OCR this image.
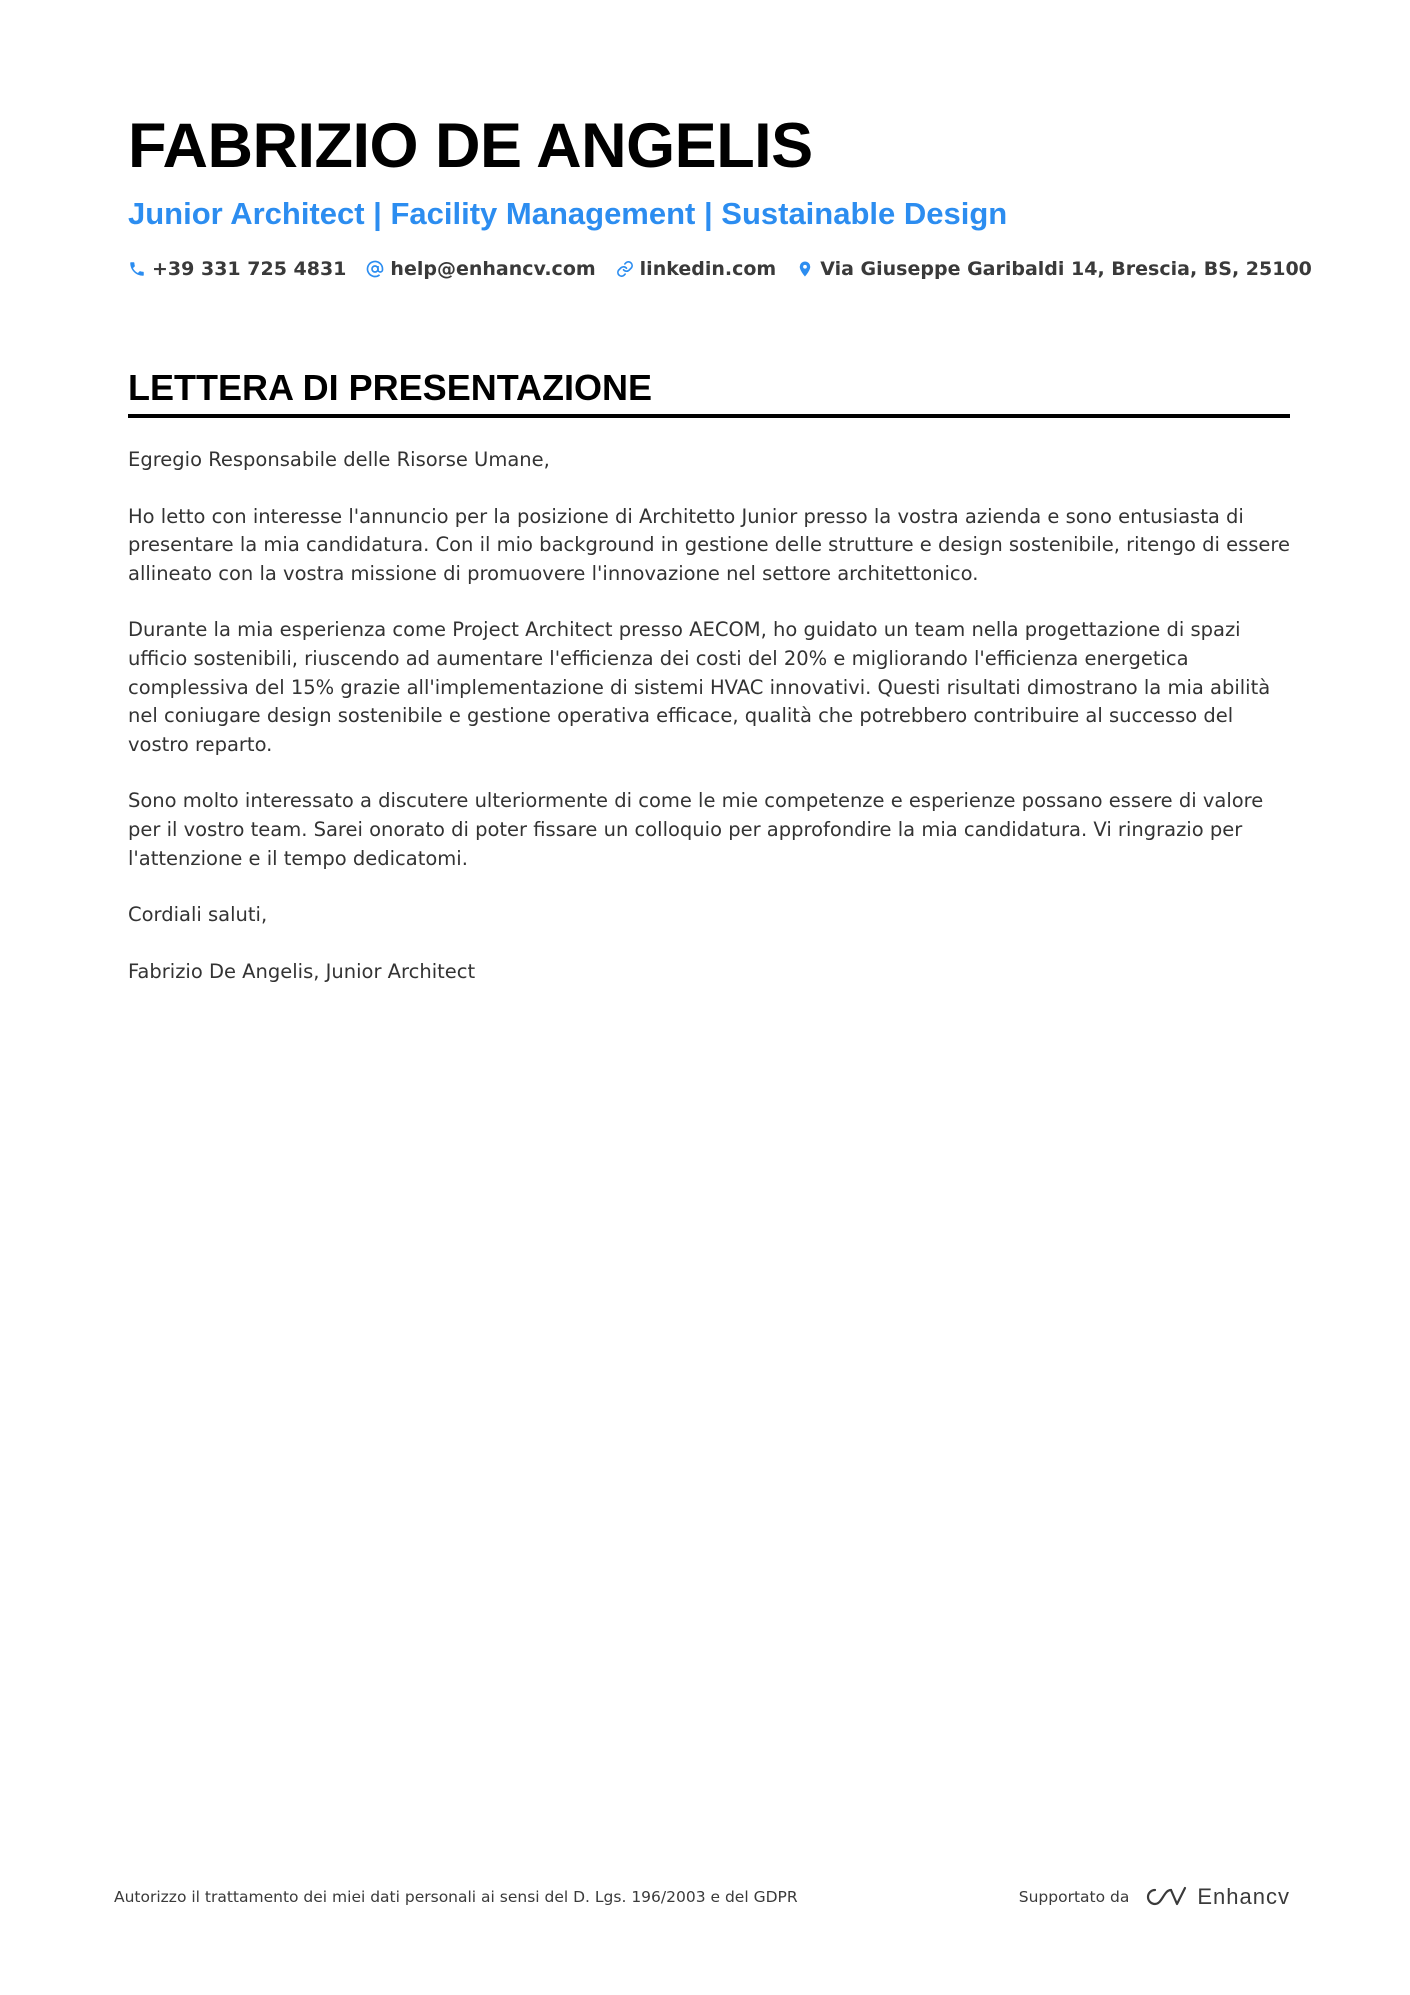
FABRIZIO DE ANGELIS
Junior Architect | Facility Management | Sustainable Design
+39 331 725 4831 help@enhancv.com linkedin.com Via Giuseppe Garibaldi 14, Brescia, BS, 25100
LETTERA DI PRESENTAZIONE

Egregio Responsabile delle Risorse Umane,

Ho letto con interesse l'annuncio per la posizione di Architetto Junior presso la vostra azienda e sono entusiasta di presentare la mia candidatura. Con il mio background in gestione delle strutture e design sostenibile, ritengo di essere allineato con la vostra missione di promuovere l'innovazione nel settore architettonico.

Durante la mia esperienza come Project Architect presso AECOM, ho guidato un team nella progettazione di spazi ufficio sostenibili, riuscendo ad aumentare l'efficienza dei costi del 20% e migliorando l'efficienza energetica complessiva del 15% grazie all'implementazione di sistemi HVAC innovativi. Questi risultati dimostrano la mia abilità nel coniugare design sostenibile e gestione operativa efficace, qualità che potrebbero contribuire al successo del vostro reparto.

Sono molto interessato a discutere ulteriormente di come le mie competenze e esperienze possano essere di valore per il vostro team. Sarei onorato di poter fissare un colloquio per approfondire la mia candidatura. Vi ringrazio per l'attenzione e il tempo dedicatomi.

Cordiali saluti,

Fabrizio De Angelis, Junior Architect

Autorizzo il trattamento dei miei dati personali ai sensi del D. Lgs. 196/2003 e del GDPR	Supportato da	Enhancv
